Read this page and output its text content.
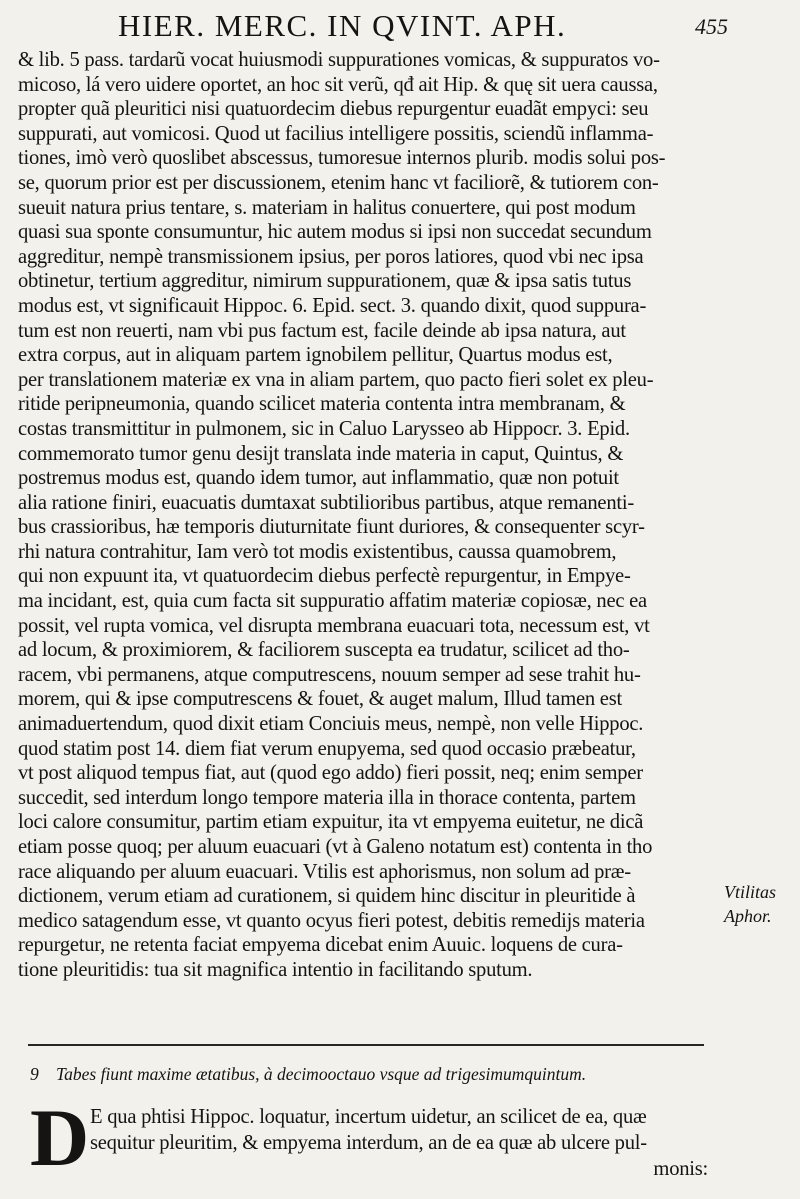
HIER. MERC. IN QVINT. APH.	455
& lib. 5 pass. tardarũ vocat huiusmodi suppurationes vomicas, & suppuratos vo-
micoso, lá vero uidere oportet, an hoc sit verũ, qđ ait Hip. & quę sit uera caussa,
propter quã pleuritici nisi quatuordecim diebus repurgentur euadãt empyci: seu
suppurati, aut vomicosi. Quod ut facilius intelligere possitis, sciendũ inflamma-
tiones, imò verò quoslibet abscessus, tumoresue internos plurib. modis solui pos-
se, quorum prior est per discussionem, etenim hanc vt faciliorẽ, & tutiorem con-
sueuit natura prius tentare, s. materiam in halitus conuertere, qui post modum
quasi sua sponte consumuntur, hic autem modus si ipsi non succedat secundum
aggreditur, nempè transmissionem ipsius, per poros latiores, quod vbi nec ipsa
obtinetur, tertium aggreditur, nimirum suppurationem, quæ & ipsa satis tutus
modus est, vt significauit Hippoc. 6. Epid. sect. 3. quando dixit, quod suppura-
tum est non reuerti, nam vbi pus factum est, facile deinde ab ipsa natura, aut
extra corpus, aut in aliquam partem ignobilem pellitur, Quartus modus est,
per translationem materiæ ex vna in aliam partem, quo pacto fieri solet ex pleu-
ritide peripneumonia, quando scilicet materia contenta intra membranam, &
costas transmittitur in pulmonem, sic in Caluo Larysseo ab Hippocr. 3. Epid.
commemorato tumor genu desijt translata inde materia in caput, Quintus, &
postremus modus est, quando idem tumor, aut inflammatio, quæ non potuit
alia ratione finiri, euacuatis dumtaxat subtilioribus partibus, atque remanenti-
bus crassioribus, hæ temporis diuturnitate fiunt duriores, & consequenter scyr-
rhi natura contrahitur, Iam verò tot modis existentibus, caussa quamobrem,
qui non expuunt ita, vt quatuordecim diebus perfectè repurgentur, in Empye-
ma incidant, est, quia cum facta sit suppuratio affatim materiæ copiosæ, nec ea
possit, vel rupta vomica, vel disrupta membrana euacuari tota, necessum est, vt
ad locum, & proximiorem, & faciliorem suscepta ea trudatur, scilicet ad tho-
racem, vbi permanens, atque computrescens, nouum semper ad sese trahit hu-
morem, qui & ipse computrescens & fouet, & auget malum, Illud tamen est
animaduertendum, quod dixit etiam Conciuis meus, nempè, non velle Hippoc.
quod statim post 14. diem fiat verum enupyema, sed quod occasio præbeatur,
vt post aliquod tempus fiat, aut (quod ego addo) fieri possit, neq; enim semper
succedit, sed interdum longo tempore materia illa in thorace contenta, partem
loci calore consumitur, partim etiam expuitur, ita vt empyema euitetur, ne dicã
etiam posse quoq; per aluum euacuari (vt à Galeno notatum est) contenta in tho
race aliquando per aluum euacuari. Vtilis est aphorismus, non solum ad præ-
dictionem, verum etiam ad curationem, si quidem hinc discitur in pleuritide à
medico satagendum esse, vt quanto ocyus fieri potest, debitis remedijs materia
repurgetur, ne retenta faciat empyema dicebat enim Auuic. loquens de cura-
tione pleuritidis: tua sit magnifica intentio in facilitando sputum.
Vtilitas
Aphor.
9 Tabes fiunt maxime ætatibus, à decimooctauo vsque ad trigesimumquintum.
D E qua phtisi Hippoc. loquatur, incertum uidetur, an scilicet de ea, quæ
sequitur pleuritim, & empyema interdum, an de ea quæ ab ulcere pul-
monis:
